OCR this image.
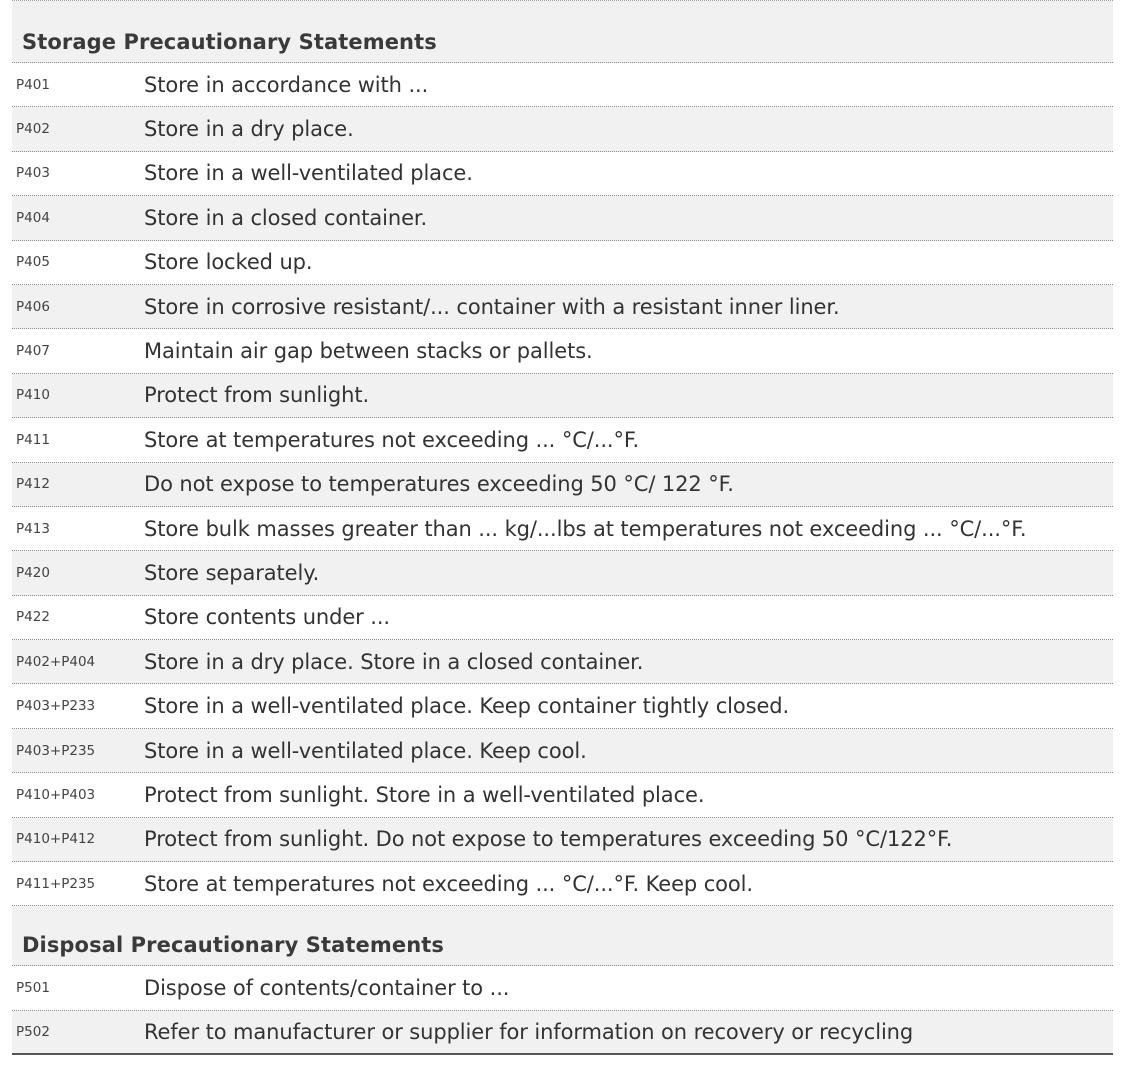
Storage Precautionary Statements
P401	Store in accordance with ...
P402	Store in a dry place.
P403	Store in a well-ventilated place.
P404	Store in a closed container.
P405	Store locked up.
P406	Store in corrosive resistant/... container with a resistant inner liner.
P407	Maintain air gap between stacks or pallets.
P410	Protect from sunlight.
P411	Store at temperatures not exceeding ... °C/...°F.
P412	Do not expose to temperatures exceeding 50 °C/ 122 °F.
P413	Store bulk masses greater than ... kg/...lbs at temperatures not exceeding ... °C/...°F.
P420	Store separately.
P422	Store contents under ...
P402+P404 Store in a dry place. Store in a closed container.
P403+P233 Store in a well-ventilated place. Keep container tightly closed.
P403+P235 Store in a well-ventilated place. Keep cool.
P410+P403 Protect from sunlight. Store in a well-ventilated place.
P410+P412 Protect from sunlight. Do not expose to temperatures exceeding 50 °C/122°F.
P411+P235 Store at temperatures not exceeding ... °C/...°F. Keep cool.
Disposal Precautionary Statements
P501	Dispose of contents/container to ...
P502	Refer to manufacturer or supplier for information on recovery or recycling
